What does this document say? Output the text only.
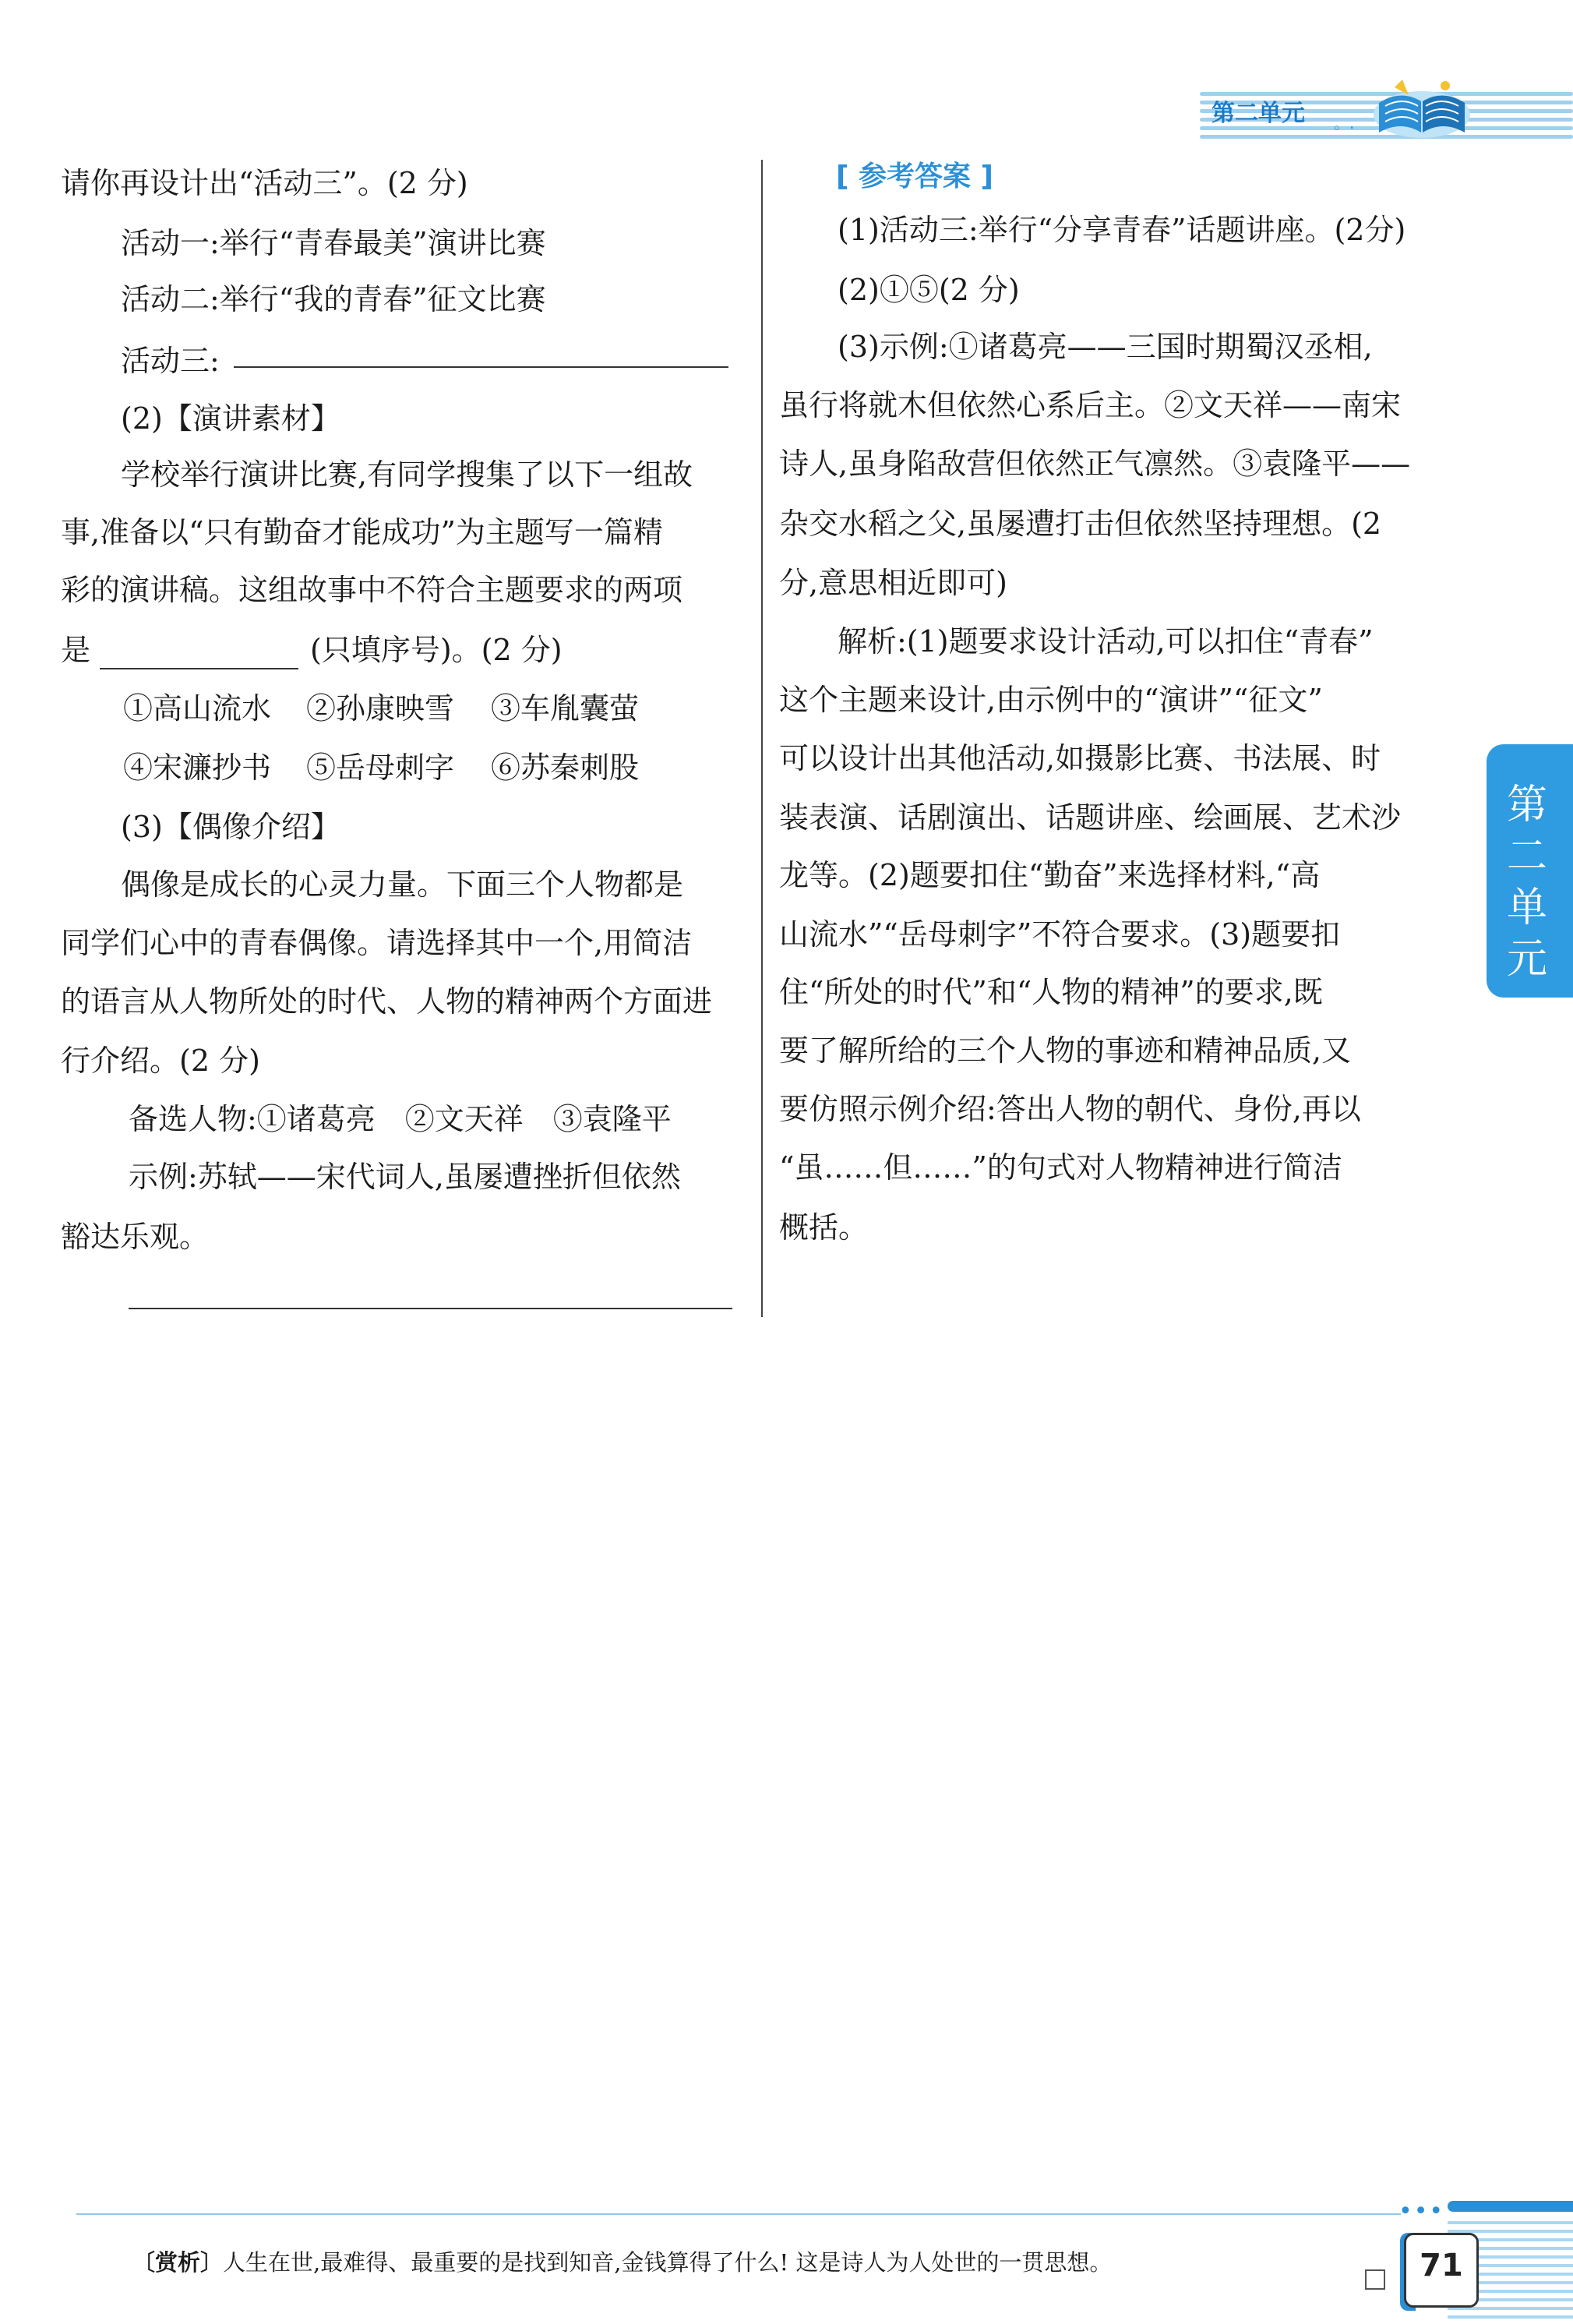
第二单元 。.
请你再设计出“活动三”。(2 分)
活动一:举行“青春最美”演讲比赛
活动二:举行“我的青春”征文比赛
活动三:
(2)【演讲素材】
学校举行演讲比赛,有同学搜集了以下一组故
事,准备以“只有勤奋才能成功”为主题写一篇精
彩的演讲稿。这组故事中不符合主题要求的两项
是	(只填序号)。(2 分)
①高山流水 ②孙康映雪 ③车胤囊萤
④宋濂抄书 ⑤岳母刺字 ⑥苏秦刺股
(3)【偶像介绍】
偶像是成长的心灵力量。下面三个人物都是
同学们心中的青春偶像。请选择其中一个,用简洁
的语言从人物所处的时代、人物的精神两个方面进
行介绍。(2 分)
备选人物:①诸葛亮　②文天祥　③袁隆平
示例:苏轼——宋代词人,虽屡遭挫折但依然
豁达乐观。
[ 参考答案 ]
(1)活动三:举行“分享青春”话题讲座。(2分)
(2)①⑤(2 分)
(3)示例:①诸葛亮——三国时期蜀汉丞相,
虽行将就木但依然心系后主。②文天祥——南宋
诗人,虽身陷敌营但依然正气凛然。③袁隆平——
杂交水稻之父,虽屡遭打击但依然坚持理想。(2
分,意思相近即可)
解析:(1)题要求设计活动,可以扣住“青春”
这个主题来设计,由示例中的“演讲”“征文”
可以设计出其他活动,如摄影比赛、书法展、时
装表演、话剧演出、话题讲座、绘画展、艺术沙
龙等。(2)题要扣住“勤奋”来选择材料,“高
山流水”“岳母刺字”不符合要求。(3)题要扣
住“所处的时代”和“人物的精神”的要求,既
要了解所给的三个人物的事迹和精神品质,又
要仿照示例介绍:答出人物的朝代、身份,再以
“虽……但……”的句式对人物精神进行简洁
概括。
第二单元
•••
〔赏析〕人生在世,最难得、最重要的是找到知音,金钱算得了什么! 这是诗人为人处世的一贯思想。	71
